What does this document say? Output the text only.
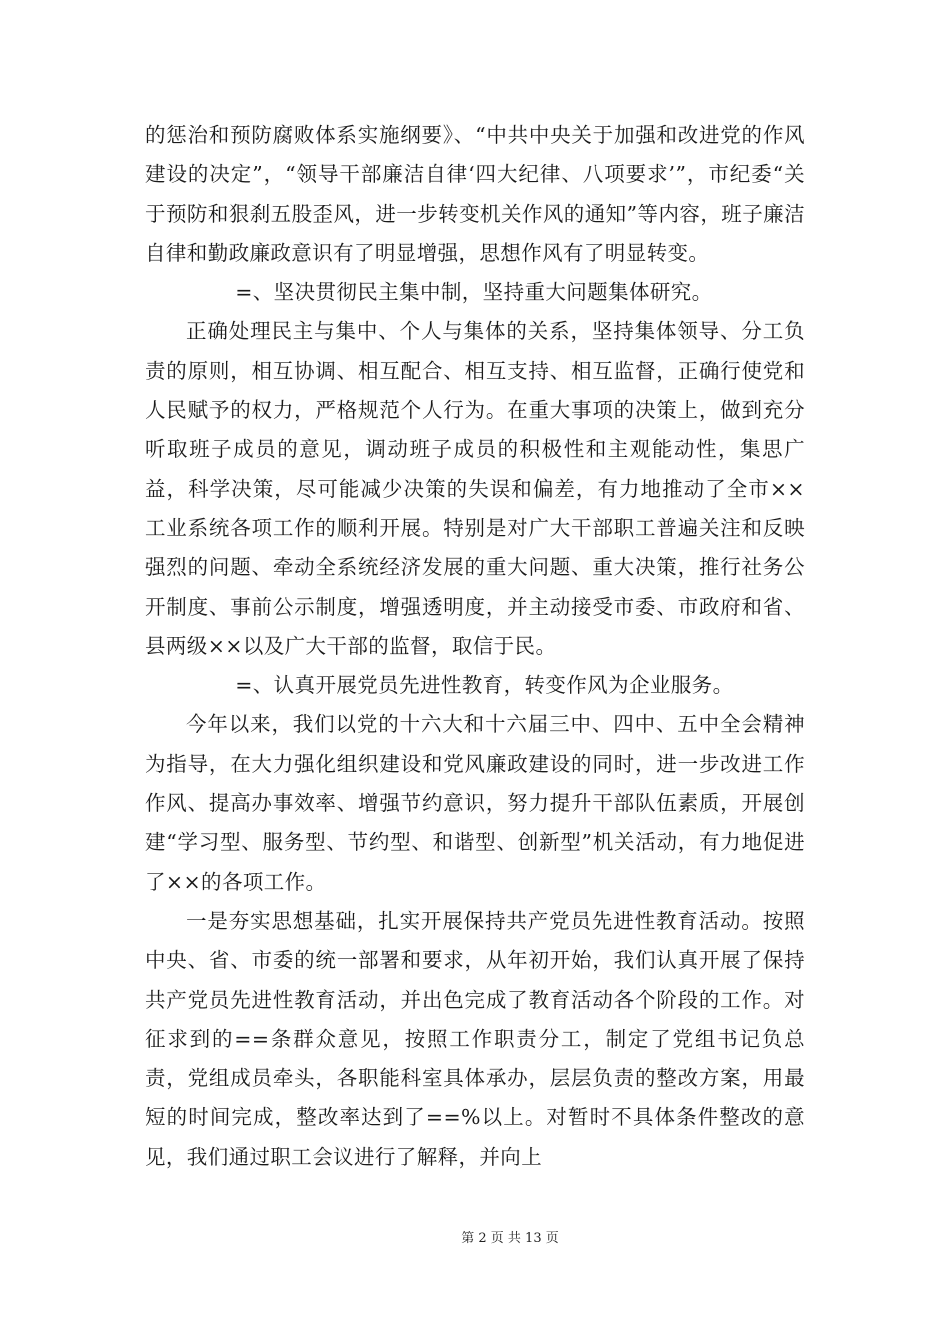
的惩治和预防腐败体系实施纲要》、“中共中央关于加强和改进党的作风建设的决定”，“领导干部廉洁自律‘四大纪律、八项要求’”，市纪委“关于预防和狠刹五股歪风，进一步转变机关作风的通知”等内容，班子廉洁自律和勤政廉政意识有了明显增强，思想作风有了明显转变。

=、坚决贯彻民主集中制，坚持重大问题集体研究。

正确处理民主与集中、个人与集体的关系，坚持集体领导、分工负责的原则，相互协调、相互配合、相互支持、相互监督，正确行使党和人民赋予的权力，严格规范个人行为。在重大事项的决策上，做到充分听取班子成员的意见，调动班子成员的积极性和主观能动性，集思广益，科学决策，尽可能减少决策的失误和偏差，有力地推动了全市××工业系统各项工作的顺利开展。特别是对广大干部职工普遍关注和反映强烈的问题、牵动全系统经济发展的重大问题、重大决策，推行社务公开制度、事前公示制度，增强透明度，并主动接受市委、市政府和省、县两级××以及广大干部的监督，取信于民。

=、认真开展党员先进性教育，转变作风为企业服务。

今年以来，我们以党的十六大和十六届三中、四中、五中全会精神为指导，在大力强化组织建设和党风廉政建设的同时，进一步改进工作作风、提高办事效率、增强节约意识，努力提升干部队伍素质，开展创建“学习型、服务型、节约型、和谐型、创新型”机关活动，有力地促进了××的各项工作。

一是夯实思想基础，扎实开展保持共产党员先进性教育活动。按照中央、省、市委的统一部署和要求，从年初开始，我们认真开展了保持共产党员先进性教育活动，并出色完成了教育活动各个阶段的工作。对征求到的==条群众意见，按照工作职责分工，制定了党组书记负总责，党组成员牵头，各职能科室具体承办，层层负责的整改方案，用最短的时间完成，整改率达到了==%以上。对暂时不具体条件整改的意见，我们通过职工会议进行了解释，并向上

第 2 页 共 13 页
